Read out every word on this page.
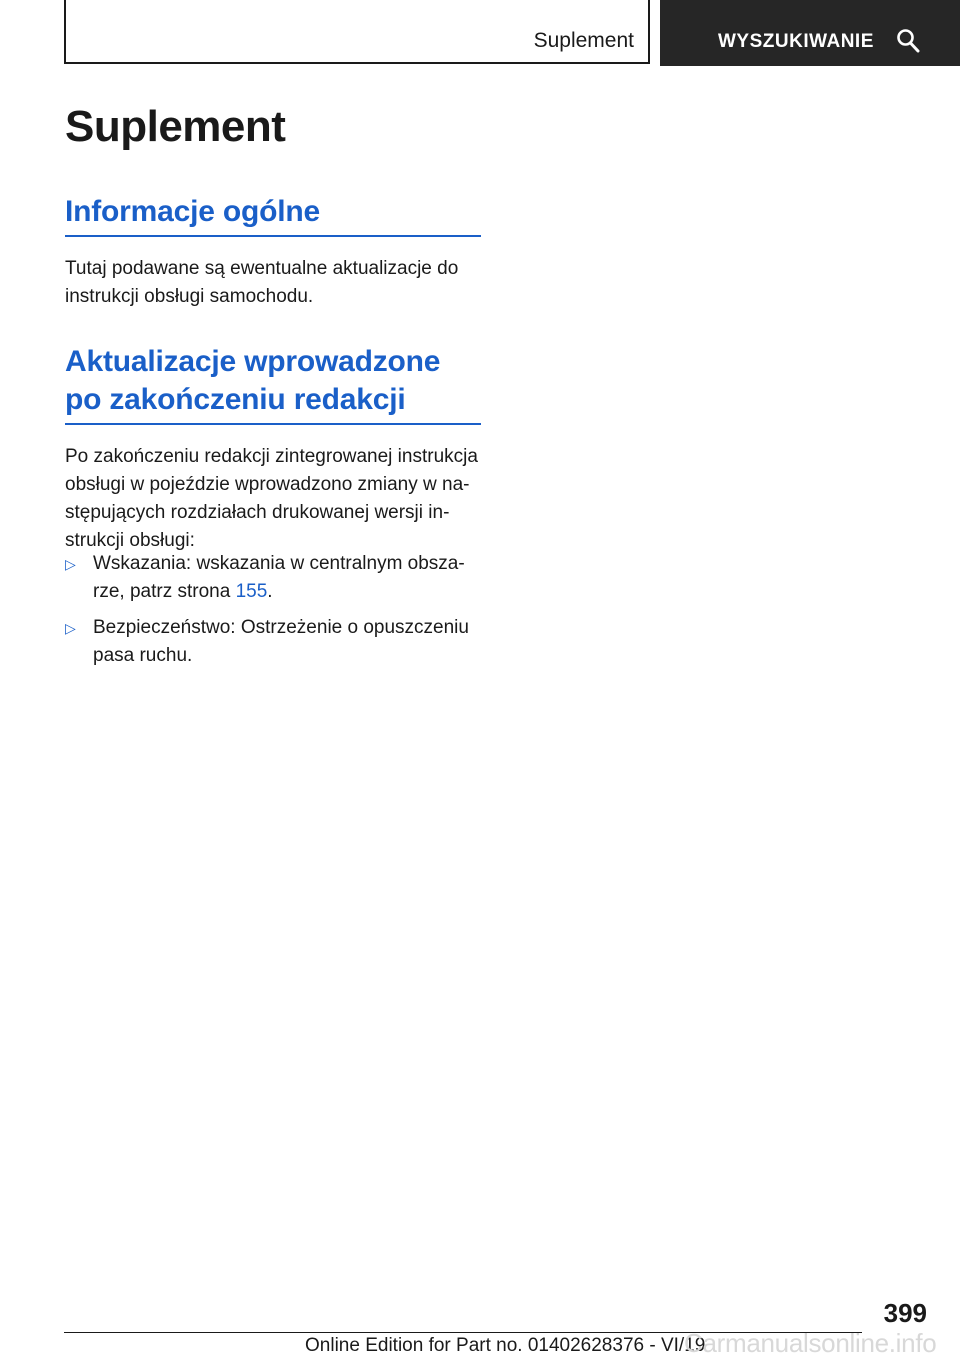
Suplement	WYSZUKIWANIE
Suplement
Informacje ogólne

Tutaj podawane są ewentualne aktualizacje do instrukcji obsługi samochodu.

Aktualizacje wprowadzone
po zakończeniu redakcji

Po zakończeniu redakcji zintegrowanej instrukcja obsługi w pojeździe wprowadzono zmiany w następujących rozdziałach drukowanej wersji instrukcji obsługi:

▷ Wskazania: wskazania w centralnym obszarze, patrz strona 155.
▷ Bezpieczeństwo: Ostrzeżenie o opuszczeniu pasa ruchu.
399
Online Edition for Part no. 01402628376 - VI/19
Carmanualsonline.info
